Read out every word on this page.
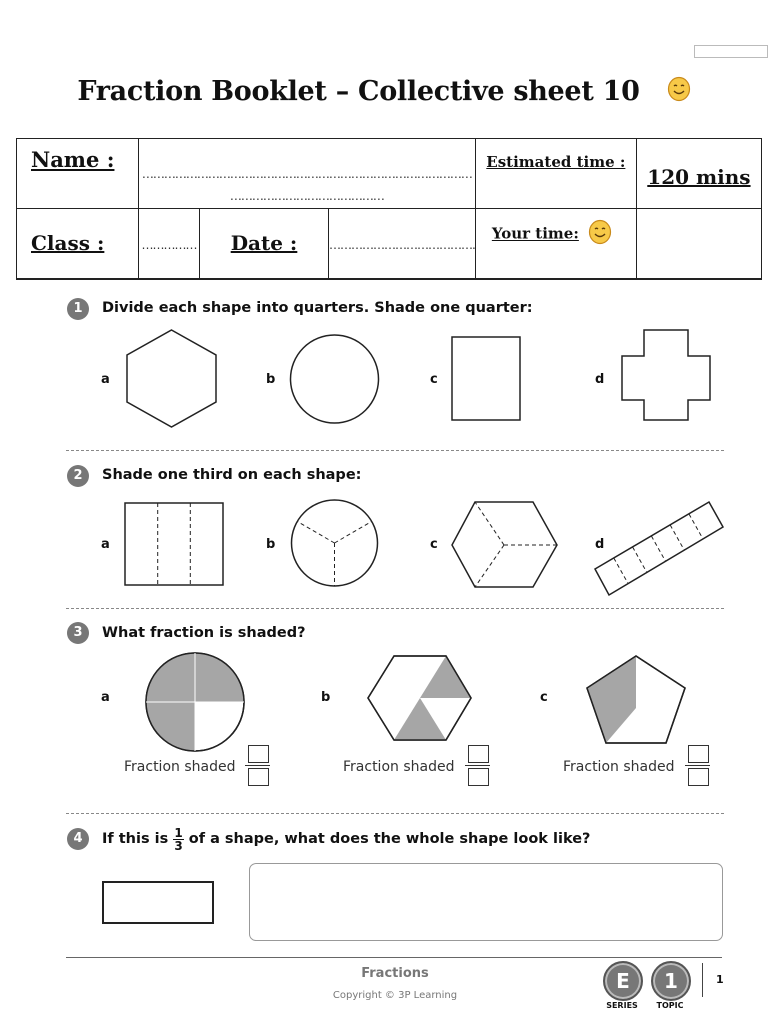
Fraction Booklet – Collective sheet 10
Name :	………………………………………………………………………………
……………………………………			Estimated time :	120 mins
Class :	……………	Date :	………………………………….	Your time:	
1	Divide each shape into quarters. Shade one quarter:
a	b	c	d
2	Shade one third on each shape:
a	b	c	d
3	What fraction is shaded?
a	b	c
Fraction shaded	Fraction shaded	Fraction shaded
4	If this is $\frac{1}{3}$ of a shape, what does the whole shape look like?
Fractions
Copyright © 3P Learning
E
SERIES
1
TOPIC
1
